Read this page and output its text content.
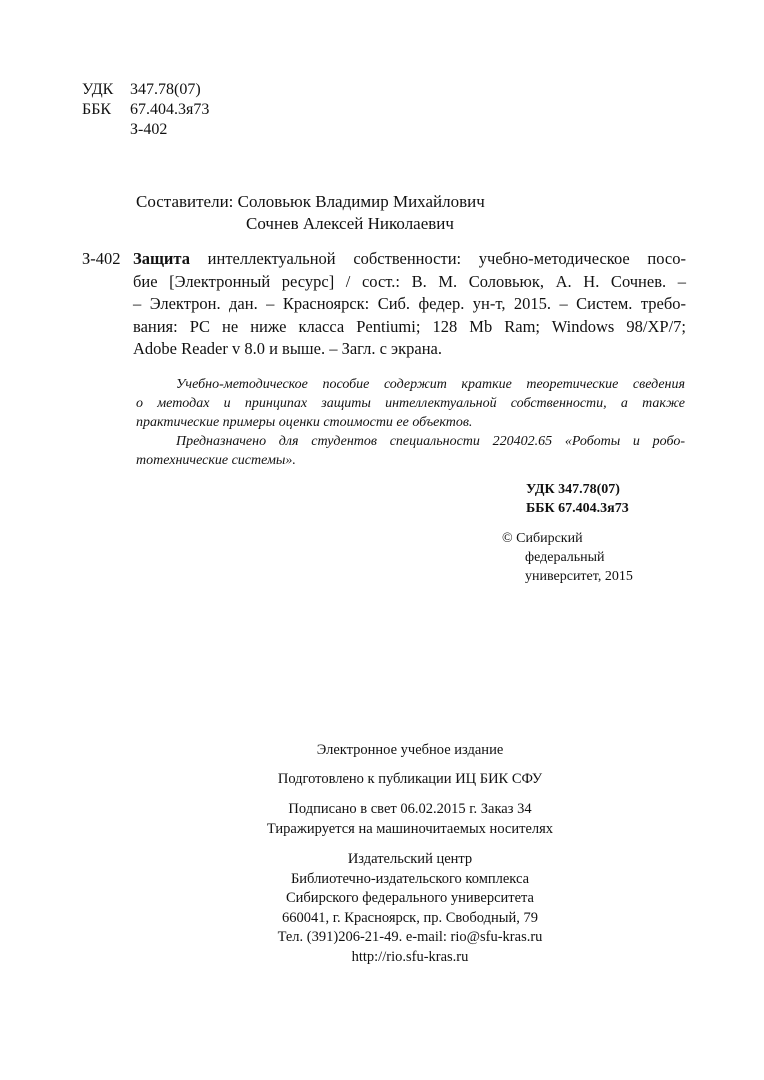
УДК 347.78(07)
ББК 67.404.3я73
З-402
Составители: Соловьюк Владимир Михайлович
Сочнев Алексей Николаевич
З-402 Защита интеллектуальной собственности: учебно-методическое посо-
бие [Электронный ресурс] / сост.: В. М. Соловьюк, А. Н. Сочнев. –
– Электрон. дан. – Красноярск: Сиб. федер. ун-т, 2015. – Систем. требо-
вания: PC не ниже класса Pentiumi; 128 Mb Ram; Windows 98/XP/7;
Adobe Reader v 8.0 и выше. – Загл. с экрана.
Учебно-методическое пособие содержит краткие теоретические сведения
о методах и принципах защиты интеллектуальной собственности, а также
практические примеры оценки стоимости ее объектов.
Предназначено для студентов специальности 220402.65 «Роботы и робо-
тотехнические системы».
УДК 347.78(07)
ББК 67.404.3я73
© Сибирский
федеральный
университет, 2015
Электронное учебное издание
Подготовлено к публикации ИЦ БИК СФУ
Подписано в свет 06.02.2015 г. Заказ 34
Тиражируется на машиночитаемых носителях
Издательский центр
Библиотечно-издательского комплекса
Сибирского федерального университета
660041, г. Красноярск, пр. Свободный, 79
Тел. (391)206-21-49. e-mail: rio@sfu-kras.ru
http://rio.sfu-kras.ru
